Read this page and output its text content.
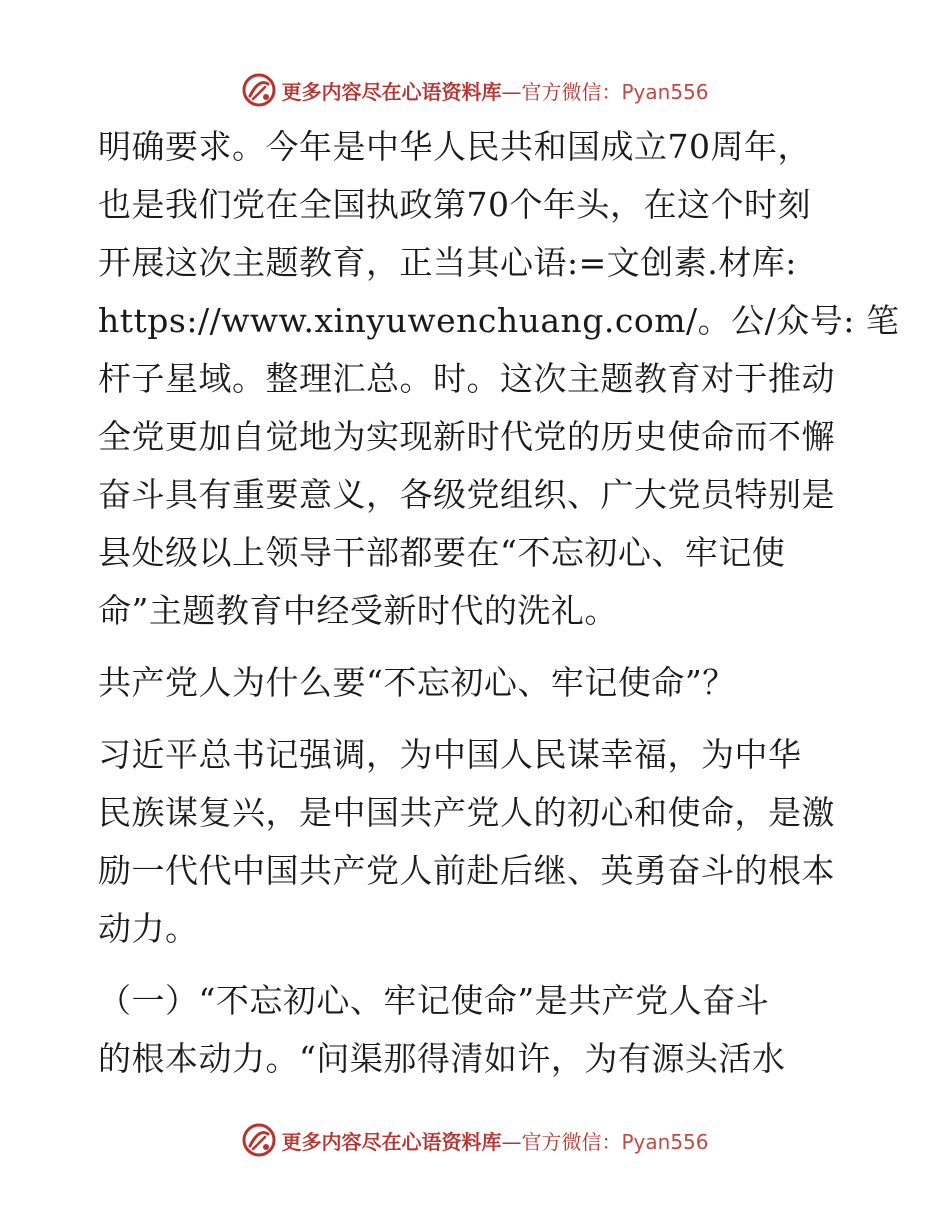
更多内容尽在心语资料库—官方微信：Pyan556
明确要求。今年是中华人民共和国成立70周年，
也是我们党在全国执政第70个年头，在这个时刻
开展这次主题教育，正当其心语:=文创素.材库:
https://www.xinyuwenchuang.com/。公/众号: 笔
杆子星域。整理汇总。时。这次主题教育对于推动
全党更加自觉地为实现新时代党的历史使命而不懈
奋斗具有重要意义，各级党组织、广大党员特别是
县处级以上领导干部都要在“不忘初心、牢记使
命”主题教育中经受新时代的洗礼。
共产党人为什么要“不忘初心、牢记使命”？
习近平总书记强调，为中国人民谋幸福，为中华
民族谋复兴，是中国共产党人的初心和使命，是激
励一代代中国共产党人前赴后继、英勇奋斗的根本
动力。
（一）“不忘初心、牢记使命”是共产党人奋斗
的根本动力。“问渠那得清如许，为有源头活水
更多内容尽在心语资料库—官方微信：Pyan556
